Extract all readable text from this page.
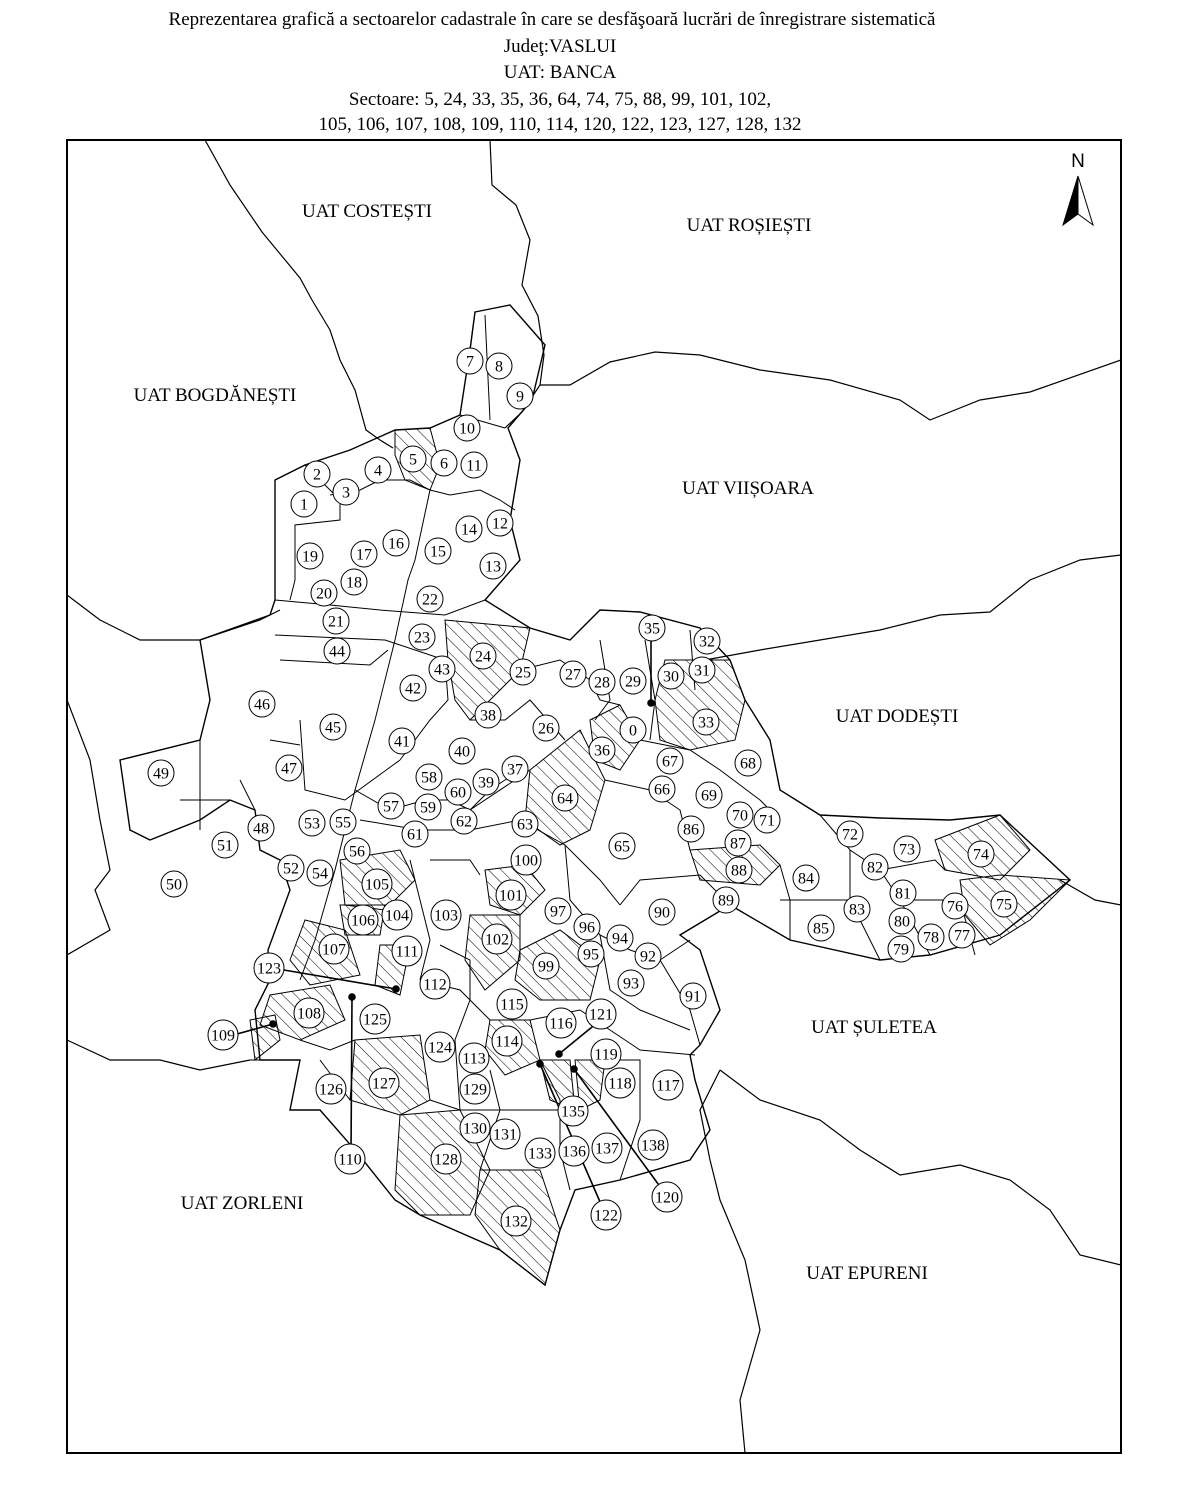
Reprezentarea grafică a sectoarelor cadastrale în care se desfăşoară lucrări de înregistrare sistematică
Judeţ:VASLUI
UAT: BANCA
Sectoare: 5, 24, 33, 35, 36, 64, 74, 75, 88, 99, 101, 102,
105, 106, 107, 108, 109, 110, 114, 120, 122, 123, 127, 128, 132
N
UAT COSTEȘTI
UAT ROȘIEȘTI
UAT BOGDĂNEȘTI
UAT VIIȘOARA
UAT DODEȘTI
UAT ȘULETEA
UAT ZORLENI
UAT EPURENI
0
1
2
3
4
5 6
7 8
9
10
11
12
13
14
15
16
17
18
19
20
21
22
23
24
25
26
27 28 29 30 31
32
33
35
36
37
38
39
40
41
42
43
44
45
46
47
48
49
50
51
52
53
54
55
56
57
58
59
60
61
62	63
64
65
66
67	68
69
70 71
72
73	74
75
76
77
78
79
80
81
82
83
84
85
86
87
88
89
90
91
92
93
94
95
96
97
99
100
101
102
103
104
105
106
107
108
109
110
111
112
113
114
115
116
117
118
119
120
121
122
123
124
125
126 127
128
129
130 131
132
133
135
136 137 138
